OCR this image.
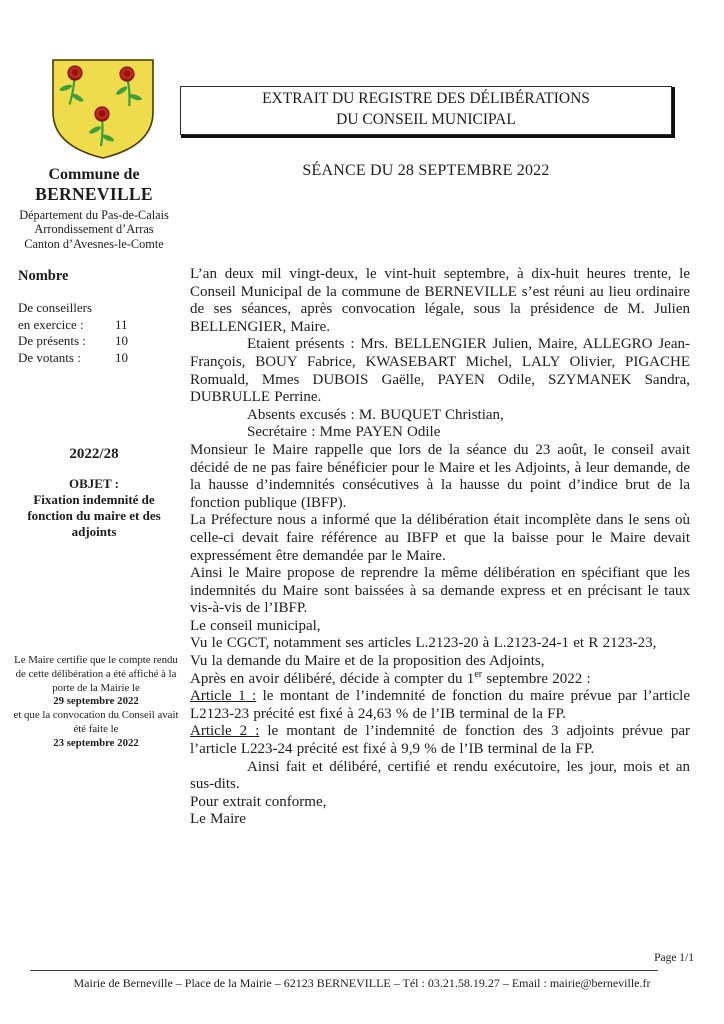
Commune de
BERNEVILLE
Département du Pas-de-Calais
Arrondissement d’Arras
Canton d’Avesnes-le-Comte
Nombre
De conseillers
en exercice :	11
De présents :	10
De votants :	10
2022/28
OBJET :
Fixation indemnité de fonction du maire et des adjoints
Le Maire certifie que le compte rendu de cette délibération a été affiché à la porte de la Mairie le
29 septembre 2022
et que la convocation du Conseil avait été faite le
23 septembre 2022
EXTRAIT DU REGISTRE DES DÉLIBÉRATIONS
DU CONSEIL MUNICIPAL
SÉANCE DU 28 SEPTEMBRE 2022

L’an deux mil vingt-deux, le vint-huit septembre, à dix-huit heures trente, le Conseil Municipal de la commune de BERNEVILLE s’est réuni au lieu ordinaire de ses séances, après convocation légale, sous la présidence de M. Julien BELLENGIER, Maire.

Etaient présents : Mrs. BELLENGIER Julien, Maire, ALLEGRO Jean-François, BOUY Fabrice, KWASEBART Michel, LALY Olivier, PIGACHE Romuald, Mmes DUBOIS Gaëlle, PAYEN Odile, SZYMANEK Sandra, DUBRULLE Perrine.

Absents excusés : M. BUQUET Christian,

Secrétaire : Mme PAYEN Odile

Monsieur le Maire rappelle que lors de la séance du 23 août, le conseil avait décidé de ne pas faire bénéficier pour le Maire et les Adjoints, à leur demande, de la hausse d’indemnités consécutives à la hausse du point d’indice brut de la fonction publique (IBFP).

La Préfecture nous a informé que la délibération était incomplète dans le sens où celle-ci devait faire référence au IBFP et que la baisse pour le Maire devait expressément être demandée par le Maire.

Ainsi le Maire propose de reprendre la même délibération en spécifiant que les indemnités du Maire sont baissées à sa demande express et en précisant le taux vis-à-vis de l’IBFP.

Le conseil municipal,

Vu le CGCT, notamment ses articles L.2123-20 à L.2123-24-1 et R 2123-23,

Vu la demande du Maire et de la proposition des Adjoints,

Après en avoir délibéré, décide à compter du 1er septembre 2022 :

Article 1 : le montant de l’indemnité de fonction du maire prévue par l’article L2123-23 précité est fixé à 24,63 % de l’IB terminal de la FP.

Article 2 : le montant de l’indemnité de fonction des 3 adjoints prévue par l’article L223-24 précité est fixé à 9,9 % de l’IB terminal de la FP.

Ainsi fait et délibéré, certifié et rendu exécutoire, les jour, mois et an sus-dits.

Pour extrait conforme,

Le Maire

Page 1/1
Mairie de Berneville – Place de la Mairie – 62123 BERNEVILLE – Tél : 03.21.58.19.27 – Email : mairie@berneville.fr
